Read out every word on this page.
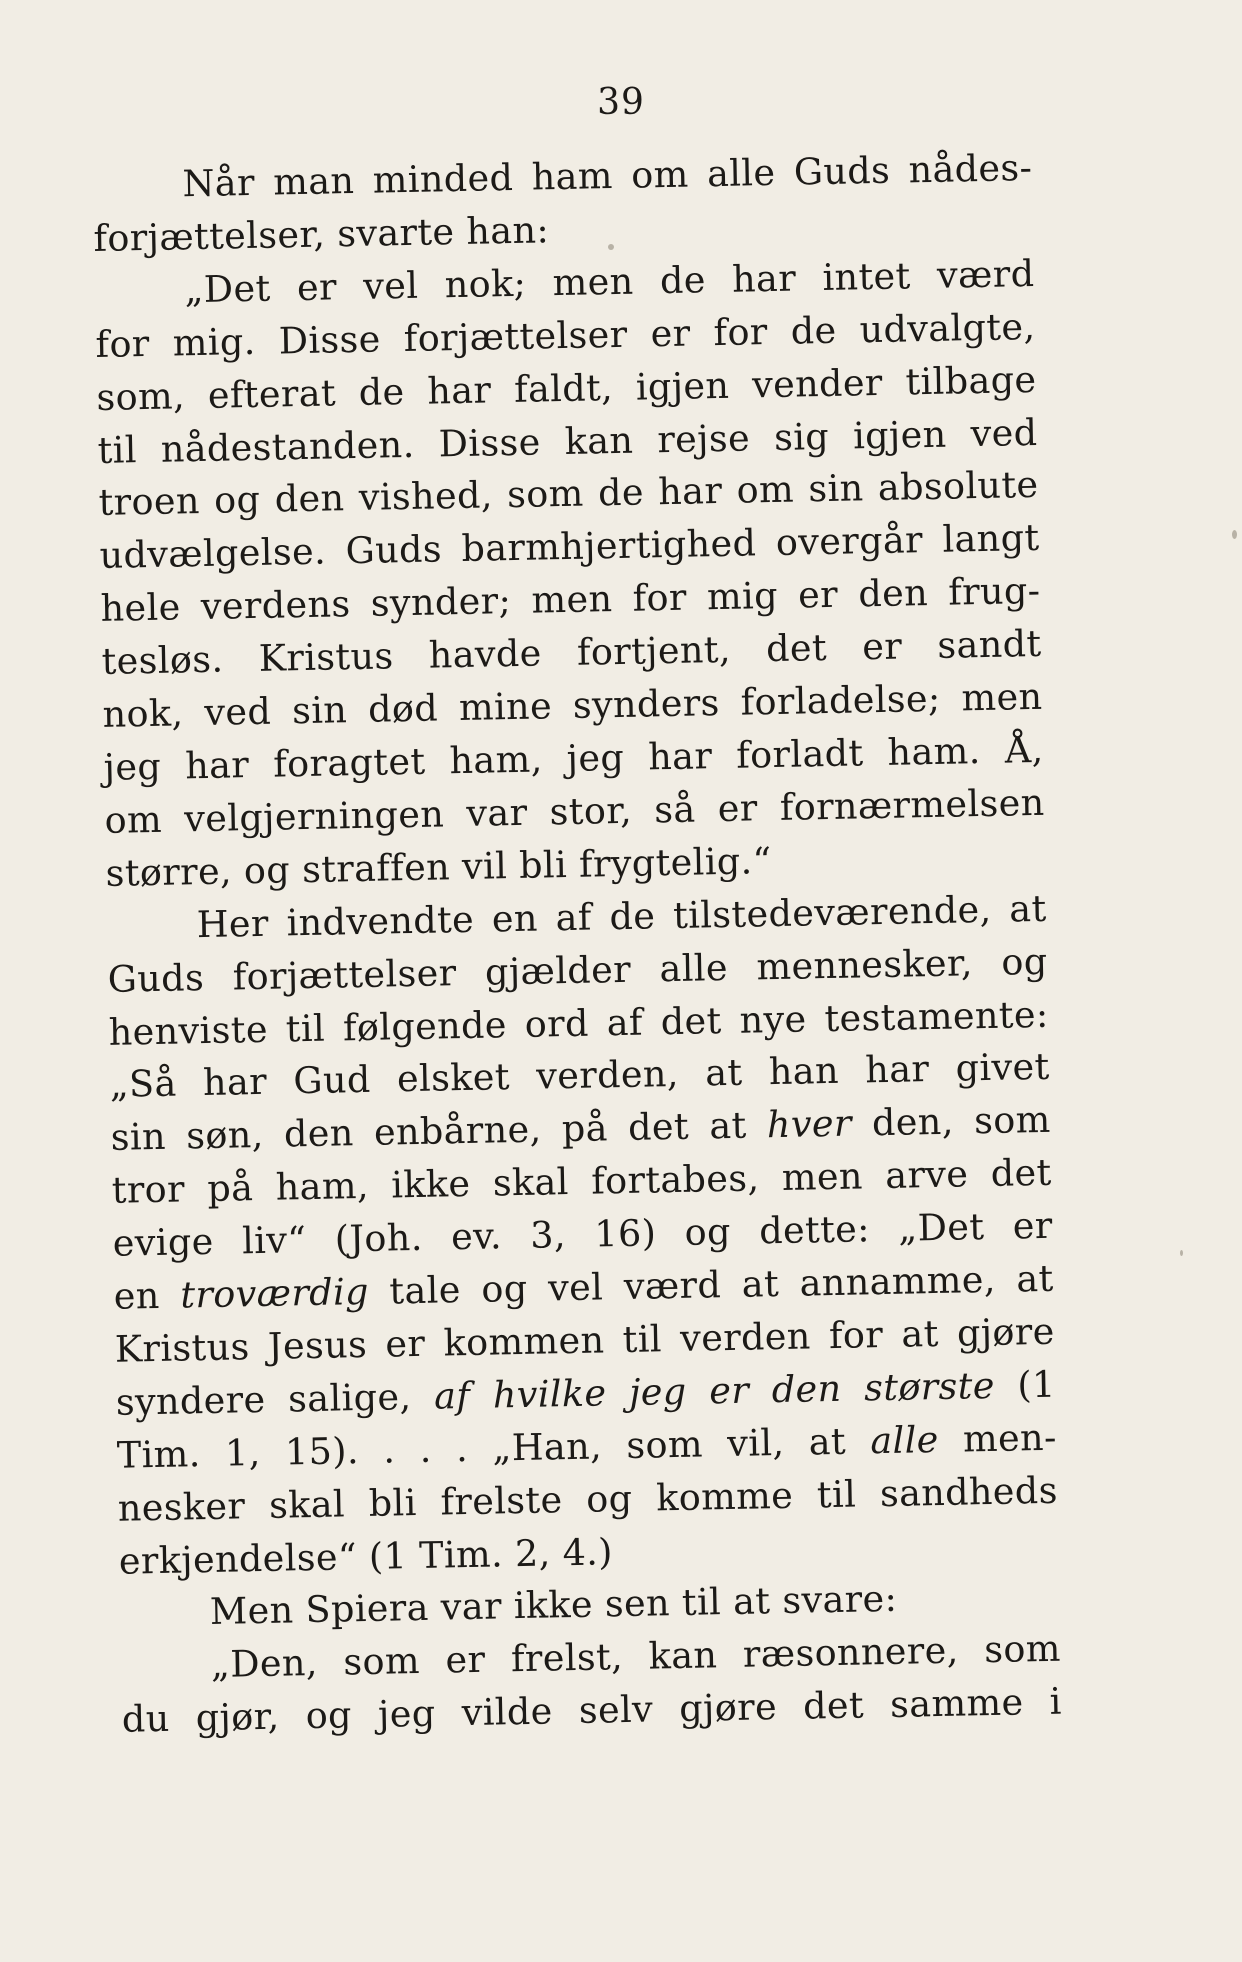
39
Når man minded ham om alle Guds nådes-
forjættelser, svarte han:
„Det er vel nok; men de har intet værd
for mig. Disse forjættelser er for de udvalgte,
som, efterat de har faldt, igjen vender tilbage
til nådestanden. Disse kan rejse sig igjen ved
troen og den vished, som de har om sin absolute
udvælgelse. Guds barmhjertighed overgår langt
hele verdens synder; men for mig er den frug-
tesløs. Kristus havde fortjent, det er sandt
nok, ved sin død mine synders forladelse; men
jeg har foragtet ham, jeg har forladt ham. Å,
om velgjerningen var stor, så er fornærmelsen
større, og straffen vil bli frygtelig.“
Her indvendte en af de tilstedeværende, at
Guds forjættelser gjælder alle mennesker, og
henviste til følgende ord af det nye testamente:
„Så har Gud elsket verden, at han har givet
sin søn, den enbårne, på det at hver den, som
tror på ham, ikke skal fortabes, men arve det
evige liv“ (Joh. ev. 3, 16) og dette: „Det er
en troværdig tale og vel værd at annamme, at
Kristus Jesus er kommen til verden for at gjøre
syndere salige, af hvilke jeg er den største (1
Tim. 1, 15). . . . „Han, som vil, at alle men-
nesker skal bli frelste og komme til sandheds
erkjendelse“ (1 Tim. 2, 4.)
Men Spiera var ikke sen til at svare:
„Den, som er frelst, kan ræsonnere, som
du gjør, og jeg vilde selv gjøre det samme i
